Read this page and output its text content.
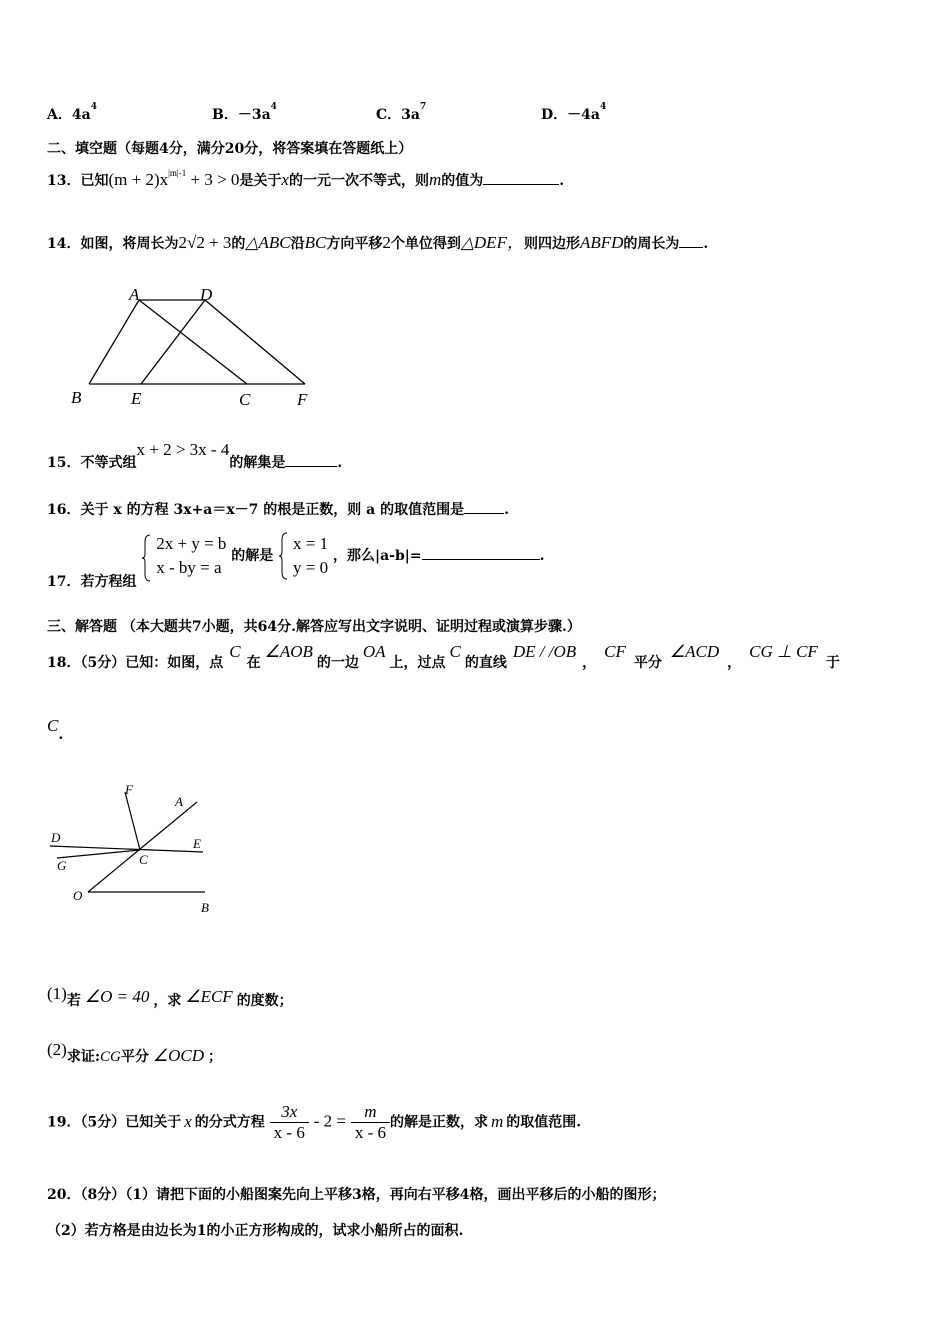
A．$4a^4$	B．$-3a^4$	C．$3a^7$	D．$-4a^4$
二、填空题（每题4分，满分20分，将答案填在答题纸上）
13．已知$(m + 2)x^{|m|-1} + 3 > 0$是关于x的一元一次不等式，则m的值为	.
14．如图，将周长为2√2 + 3的△ABC沿BC方向平移2个单位得到△DEF，则四边形ABFD的周长为 .
A	D
B	E	C	F
15．不等式组x + 2 > 3x - 4的解集是	.
16．关于 x 的方程 3x+a＝x－7 的根是正数，则 a 的取值范围是	.
17．若方程组
2x + y = b
x - by = a
的解是
x = 1
y = 0
，那么|a-b|=	.
三、解答题 （本大题共7小题，共64分.解答应写出文字说明、证明过程或演算步骤.）
18．（5分）已知：如图，点C在∠AOB的一边OA上，过点C的直线DE / /OB，CF平分∠ACD，CG ⊥ CF于
C.
F
A
D	E
G	C
O
B
(1)若 ∠O = 40 ，求 ∠ECF 的度数；
(2)求证:CG平分 ∠OCD ；
19．（5分）已知关于 x 的分式方程 $\frac{3x}{x - 6} - 2 = \frac{m}{x - 6}$ 的解是正数，求 m 的取值范围.
20．（8分）（1）请把下面的小船图案先向上平移3格，再向右平移4格，画出平移后的小船的图形；
（2）若方格是由边长为1的小正方形构成的，试求小船所占的面积.
